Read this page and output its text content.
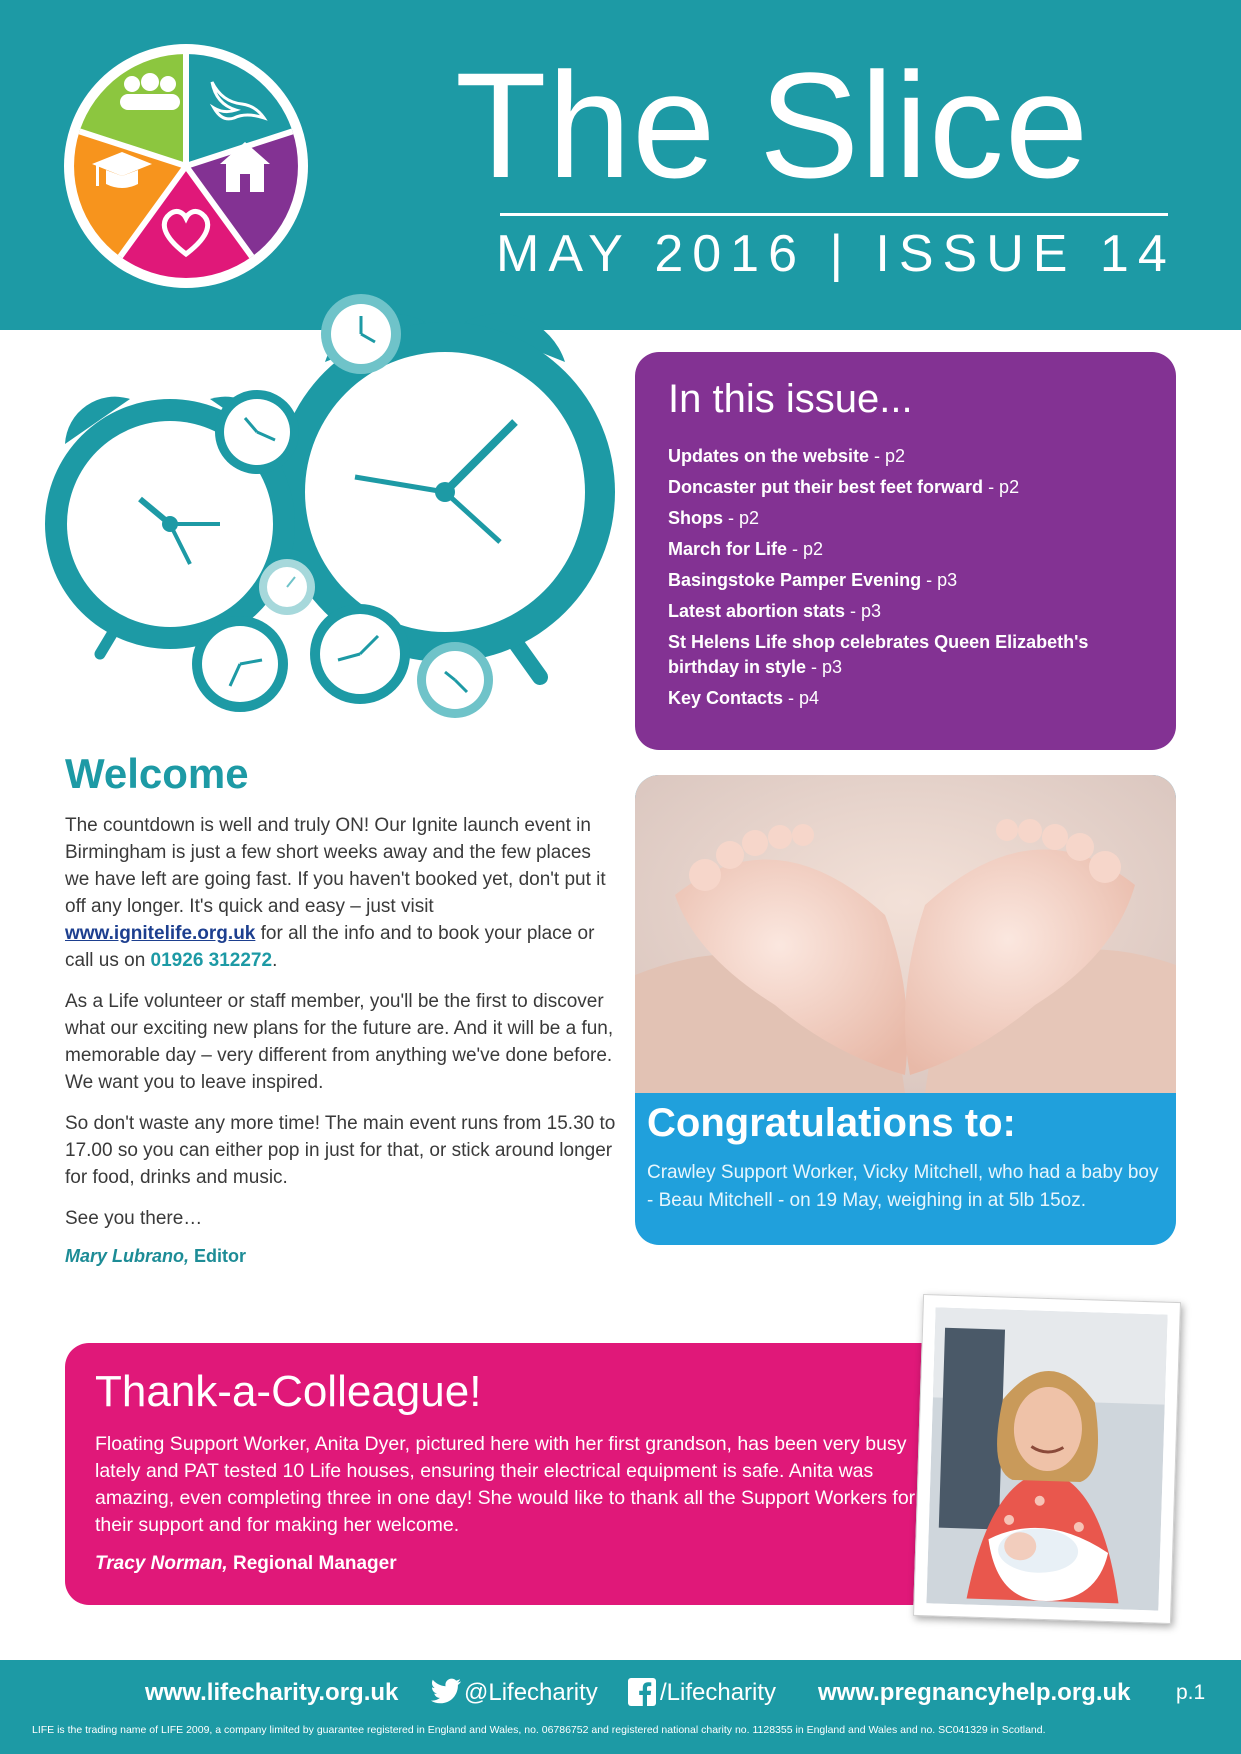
The Slice
MAY 2016 | ISSUE 14
In this issue...
Updates on the website - p2
Doncaster put their best feet forward - p2
Shops - p2
March for Life - p2
Basingstoke Pamper Evening - p3
Latest abortion stats - p3
St Helens Life shop celebrates Queen Elizabeth's birthday in style - p3
Key Contacts - p4
Congratulations to:

Crawley Support Worker, Vicky Mitchell, who had a baby boy - Beau Mitchell - on 19 May, weighing in at 5lb 15oz.

Welcome

The countdown is well and truly ON! Our Ignite launch event in Birmingham is just a few short weeks away and the few places we have left are going fast. If you haven't booked yet, don't put it off any longer. It's quick and easy – just visit www.ignitelife.org.uk for all the info and to book your place or call us on 01926 312272.

As a Life volunteer or staff member, you'll be the first to discover what our exciting new plans for the future are. And it will be a fun, memorable day – very different from anything we've done before. We want you to leave inspired.

So don't waste any more time! The main event runs from 15.30 to 17.00 so you can either pop in just for that, or stick around longer for food, drinks and music.

See you there…

Mary Lubrano, Editor
Thank-a-Colleague!

Floating Support Worker, Anita Dyer, pictured here with her first grandson, has been very busy lately and PAT tested 10 Life houses, ensuring their electrical equipment is safe. Anita was amazing, even completing three in one day! She would like to thank all the Support Workers for their support and for making her welcome.

Tracy Norman, Regional Manager
www.lifecharity.org.uk	@Lifecharity	/Lifecharity www.pregnancyhelp.org.uk p.1
LIFE is the trading name of LIFE 2009, a company limited by guarantee registered in England and Wales, no. 06786752 and registered national charity no. 1128355 in England and Wales and no. SC041329 in Scotland.
